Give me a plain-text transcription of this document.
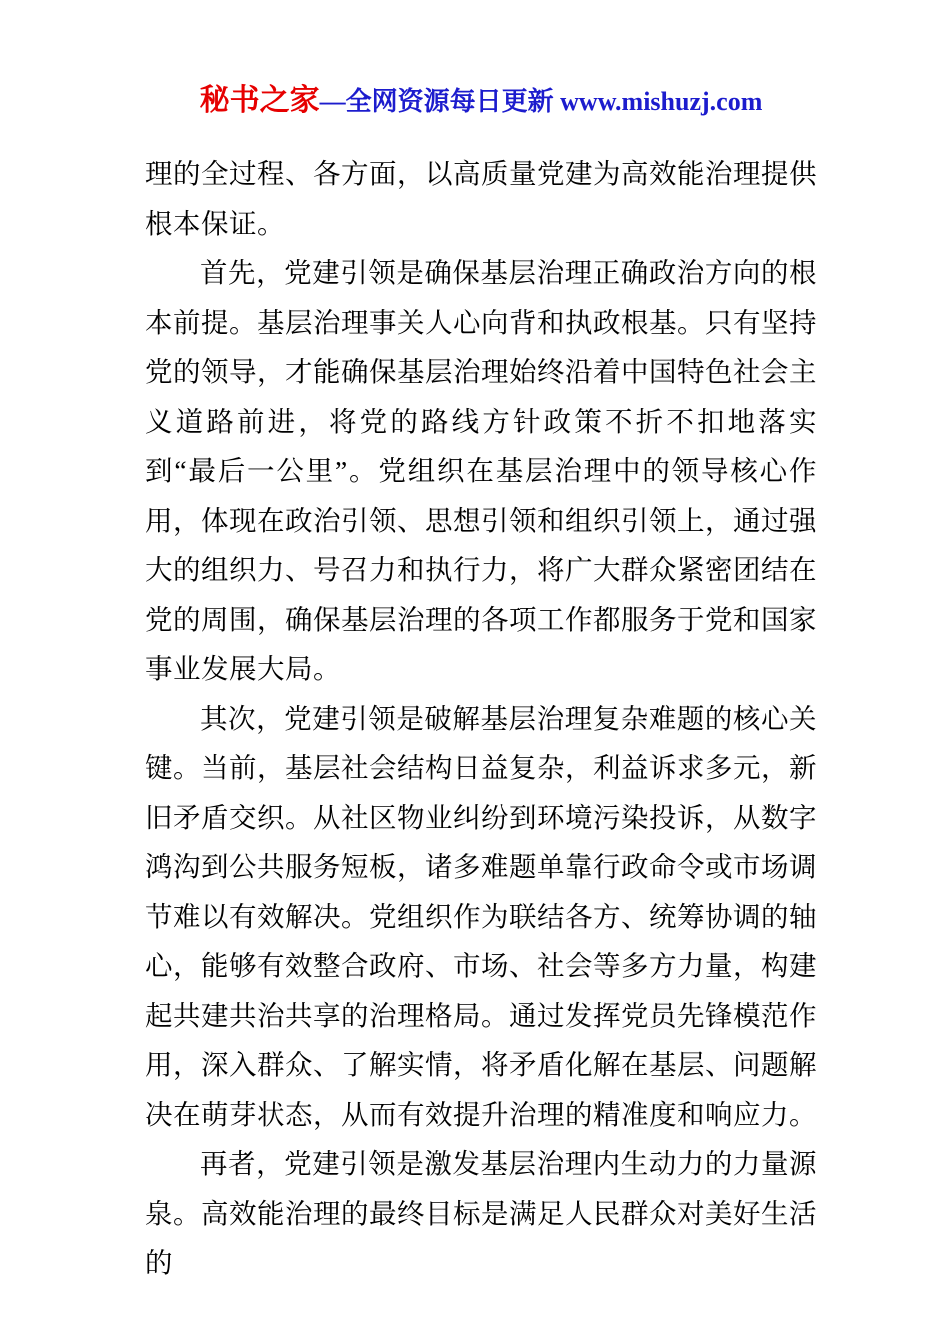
秘书之家—全网资源每日更新 www.mishuzj.com

理的全过程、各方面，以高质量党建为高效能治理提供根本保证。

首先，党建引领是确保基层治理正确政治方向的根本前提。基层治理事关人心向背和执政根基。只有坚持党的领导，才能确保基层治理始终沿着中国特色社会主义道路前进，将党的路线方针政策不折不扣地落实到“最后一公里”。党组织在基层治理中的领导核心作用，体现在政治引领、思想引领和组织引领上，通过强大的组织力、号召力和执行力，将广大群众紧密团结在党的周围，确保基层治理的各项工作都服务于党和国家事业发展大局。

其次，党建引领是破解基层治理复杂难题的核心关键。当前，基层社会结构日益复杂，利益诉求多元，新旧矛盾交织。从社区物业纠纷到环境污染投诉，从数字鸿沟到公共服务短板，诸多难题单靠行政命令或市场调节难以有效解决。党组织作为联结各方、统筹协调的轴心，能够有效整合政府、市场、社会等多方力量，构建起共建共治共享的治理格局。通过发挥党员先锋模范作用，深入群众、了解实情，将矛盾化解在基层、问题解决在萌芽状态，从而有效提升治理的精准度和响应力。

再者，党建引领是激发基层治理内生动力的力量源泉。高效能治理的最终目标是满足人民群众对美好生活的
